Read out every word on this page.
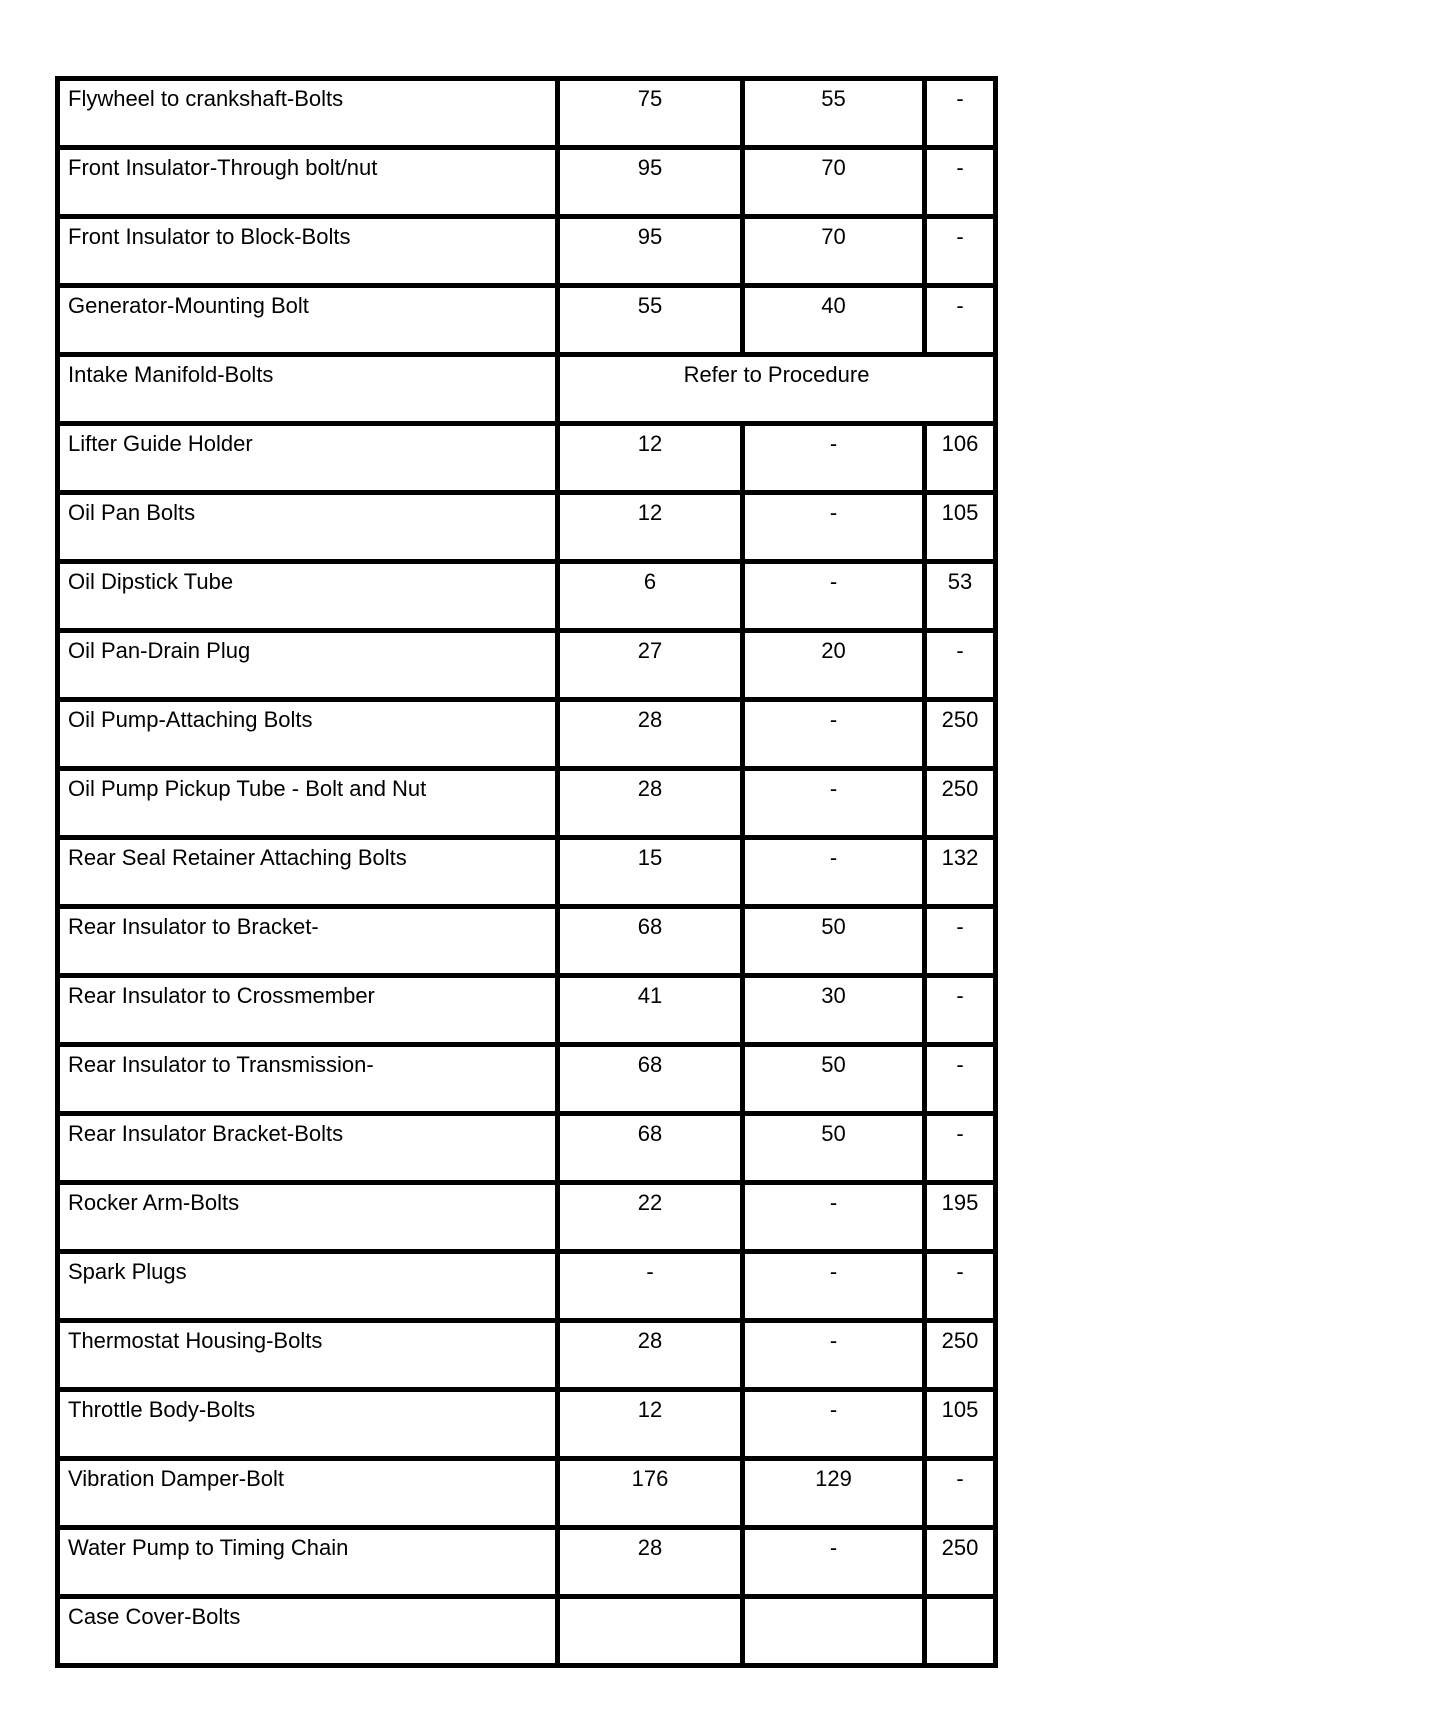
Flywheel to crankshaft-Bolts	75	55	-
Front Insulator-Through bolt/nut	95	70	-
Front Insulator to Block-Bolts	95	70	-
Generator-Mounting Bolt	55	40	-
Intake Manifold-Bolts	Refer to Procedure		
Lifter Guide Holder	12	-	106
Oil Pan Bolts	12	-	105
Oil Dipstick Tube	6	-	53
Oil Pan-Drain Plug	27	20	-
Oil Pump-Attaching Bolts	28	-	250
Oil Pump Pickup Tube - Bolt and Nut	28	-	250
Rear Seal Retainer Attaching Bolts	15	-	132
Rear Insulator to Bracket-	68	50	-
Rear Insulator to Crossmember	41	30	-
Rear Insulator to Transmission-	68	50	-
Rear Insulator Bracket-Bolts	68	50	-
Rocker Arm-Bolts	22	-	195
Spark Plugs	-	-	-
Thermostat Housing-Bolts	28	-	250
Throttle Body-Bolts	12	-	105
Vibration Damper-Bolt	176	129	-
Water Pump to Timing Chain	28	-	250
Case Cover-Bolts			
